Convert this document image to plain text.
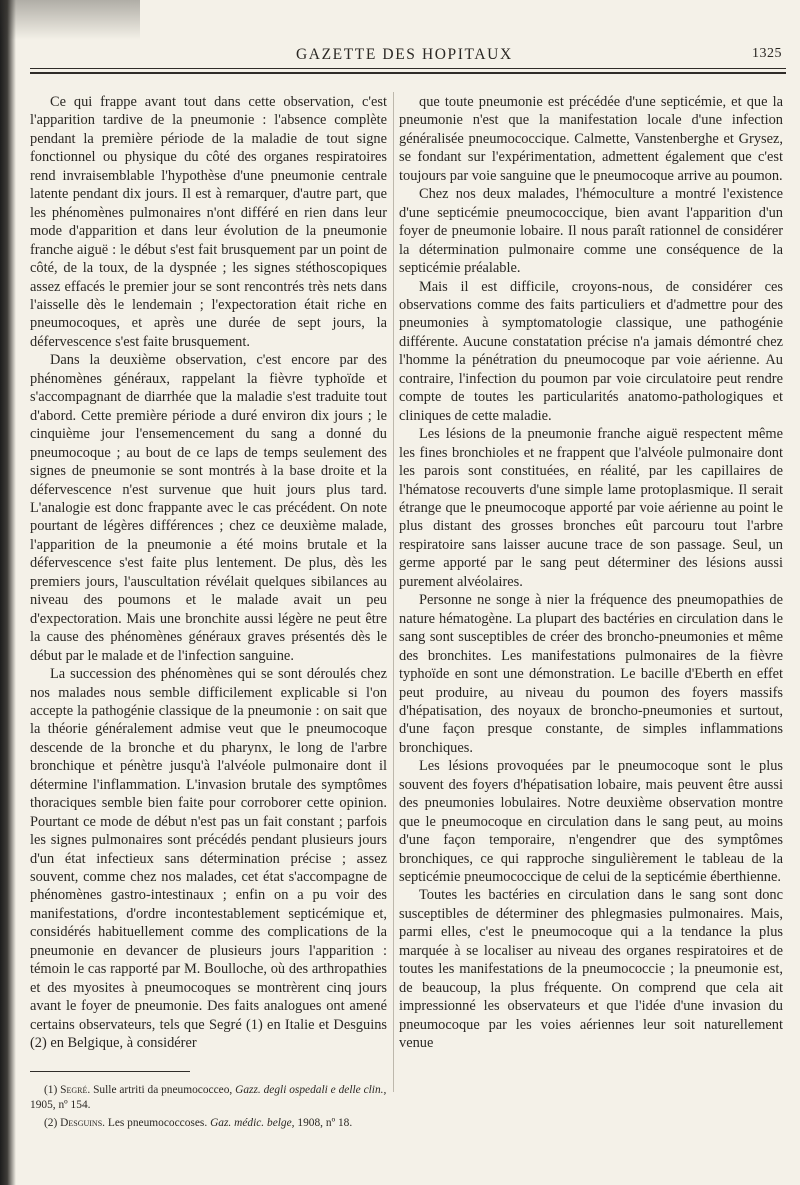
GAZETTE DES HOPITAUX	1325

Ce qui frappe avant tout dans cette observation, c'est l'apparition tardive de la pneumonie : l'absence complète pendant la première période de la maladie de tout signe fonctionnel ou physique du côté des organes respiratoires rend invraisemblable l'hypothèse d'une pneumonie centrale latente pendant dix jours. Il est à remarquer, d'autre part, que les phénomènes pulmonaires n'ont différé en rien dans leur mode d'apparition et dans leur évolution de la pneumonie franche aiguë : le début s'est fait brusquement par un point de côté, de la toux, de la dyspnée ; les signes stéthoscopiques assez effacés le premier jour se sont rencontrés très nets dans l'aisselle dès le lendemain ; l'expectoration était riche en pneumocoques, et après une durée de sept jours, la défervescence s'est faite brusquement.

Dans la deuxième observation, c'est encore par des phénomènes généraux, rappelant la fièvre typhoïde et s'accompagnant de diarrhée que la maladie s'est traduite tout d'abord. Cette première période a duré environ dix jours ; le cinquième jour l'ensemencement du sang a donné du pneumocoque ; au bout de ce laps de temps seulement des signes de pneumonie se sont montrés à la base droite et la défervescence n'est survenue que huit jours plus tard. L'analogie est donc frappante avec le cas précédent. On note pourtant de légères différences ; chez ce deuxième malade, l'apparition de la pneumonie a été moins brutale et la défervescence s'est faite plus lentement. De plus, dès les premiers jours, l'auscultation révélait quelques sibilances au niveau des poumons et le malade avait un peu d'expectoration. Mais une bronchite aussi légère ne peut être la cause des phénomènes généraux graves présentés dès le début par le malade et de l'infection sanguine.

La succession des phénomènes qui se sont déroulés chez nos malades nous semble difficilement explicable si l'on accepte la pathogénie classique de la pneumonie : on sait que la théorie généralement admise veut que le pneumocoque descende de la bronche et du pharynx, le long de l'arbre bronchique et pénètre jusqu'à l'alvéole pulmonaire dont il détermine l'inflammation. L'invasion brutale des symptômes thoraciques semble bien faite pour corroborer cette opinion. Pourtant ce mode de début n'est pas un fait constant ; parfois les signes pulmonaires sont précédés pendant plusieurs jours d'un état infectieux sans détermination précise ; assez souvent, comme chez nos malades, cet état s'accompagne de phénomènes gastro-intestinaux ; enfin on a pu voir des manifestations, d'ordre incontestablement septicémique et, considérés habituellement comme des complications de la pneumonie en devancer de plusieurs jours l'apparition : témoin le cas rapporté par M. Boulloche, où des arthropathies et des myosites à pneumocoques se montrèrent cinq jours avant le foyer de pneumonie. Des faits analogues ont amené certains observateurs, tels que Segré (1) en Italie et Desguins (2) en Belgique, à considérer

que toute pneumonie est précédée d'une septicémie, et que la pneumonie n'est que la manifestation locale d'une infection généralisée pneumococcique. Calmette, Vanstenberghe et Grysez, se fondant sur l'expérimentation, admettent également que c'est toujours par voie sanguine que le pneumocoque arrive au poumon.

Chez nos deux malades, l'hémoculture a montré l'existence d'une septicémie pneumococcique, bien avant l'apparition d'un foyer de pneumonie lobaire. Il nous paraît rationnel de considérer la détermination pulmonaire comme une conséquence de la septicémie préalable.

Mais il est difficile, croyons-nous, de considérer ces observations comme des faits particuliers et d'admettre pour des pneumonies à symptomatologie classique, une pathogénie différente. Aucune constatation précise n'a jamais démontré chez l'homme la pénétration du pneumocoque par voie aérienne. Au contraire, l'infection du poumon par voie circulatoire peut rendre compte de toutes les particularités anatomo-pathologiques et cliniques de cette maladie.

Les lésions de la pneumonie franche aiguë respectent même les fines bronchioles et ne frappent que l'alvéole pulmonaire dont les parois sont constituées, en réalité, par les capillaires de l'hématose recouverts d'une simple lame protoplasmique. Il serait étrange que le pneumocoque apporté par voie aérienne au point le plus distant des grosses bronches eût parcouru tout l'arbre respiratoire sans laisser aucune trace de son passage. Seul, un germe apporté par le sang peut déterminer des lésions aussi purement alvéolaires.

Personne ne songe à nier la fréquence des pneumopathies de nature hématogène. La plupart des bactéries en circulation dans le sang sont susceptibles de créer des broncho-pneumonies et même des bronchites. Les manifestations pulmonaires de la fièvre typhoïde en sont une démonstration. Le bacille d'Eberth en effet peut produire, au niveau du poumon des foyers massifs d'hépatisation, des noyaux de broncho-pneumonies et surtout, d'une façon presque constante, de simples inflammations bronchiques.

Les lésions provoquées par le pneumocoque sont le plus souvent des foyers d'hépatisation lobaire, mais peuvent être aussi des pneumonies lobulaires. Notre deuxième observation montre que le pneumocoque en circulation dans le sang peut, au moins d'une façon temporaire, n'engendrer que des symptômes bronchiques, ce qui rapproche singulièrement le tableau de la septicémie pneumococcique de celui de la septicémie éberthienne.

Toutes les bactéries en circulation dans le sang sont donc susceptibles de déterminer des phlegmasies pulmonaires. Mais, parmi elles, c'est le pneumocoque qui a la tendance la plus marquée à se localiser au niveau des organes respiratoires et de toutes les manifestations de la pneumococcie ; la pneumonie est, de beaucoup, la plus fréquente. On comprend que cela ait impressionné les observateurs et que l'idée d'une invasion du pneumocoque par les voies aériennes leur soit naturellement venue

(1) Segré. Sulle artriti da pneumococceo, Gazz. degli ospedali e delle clin., 1905, nº 154.

(2) Desguins. Les pneumococcoses. Gaz. médic. belge, 1908, nº 18.
